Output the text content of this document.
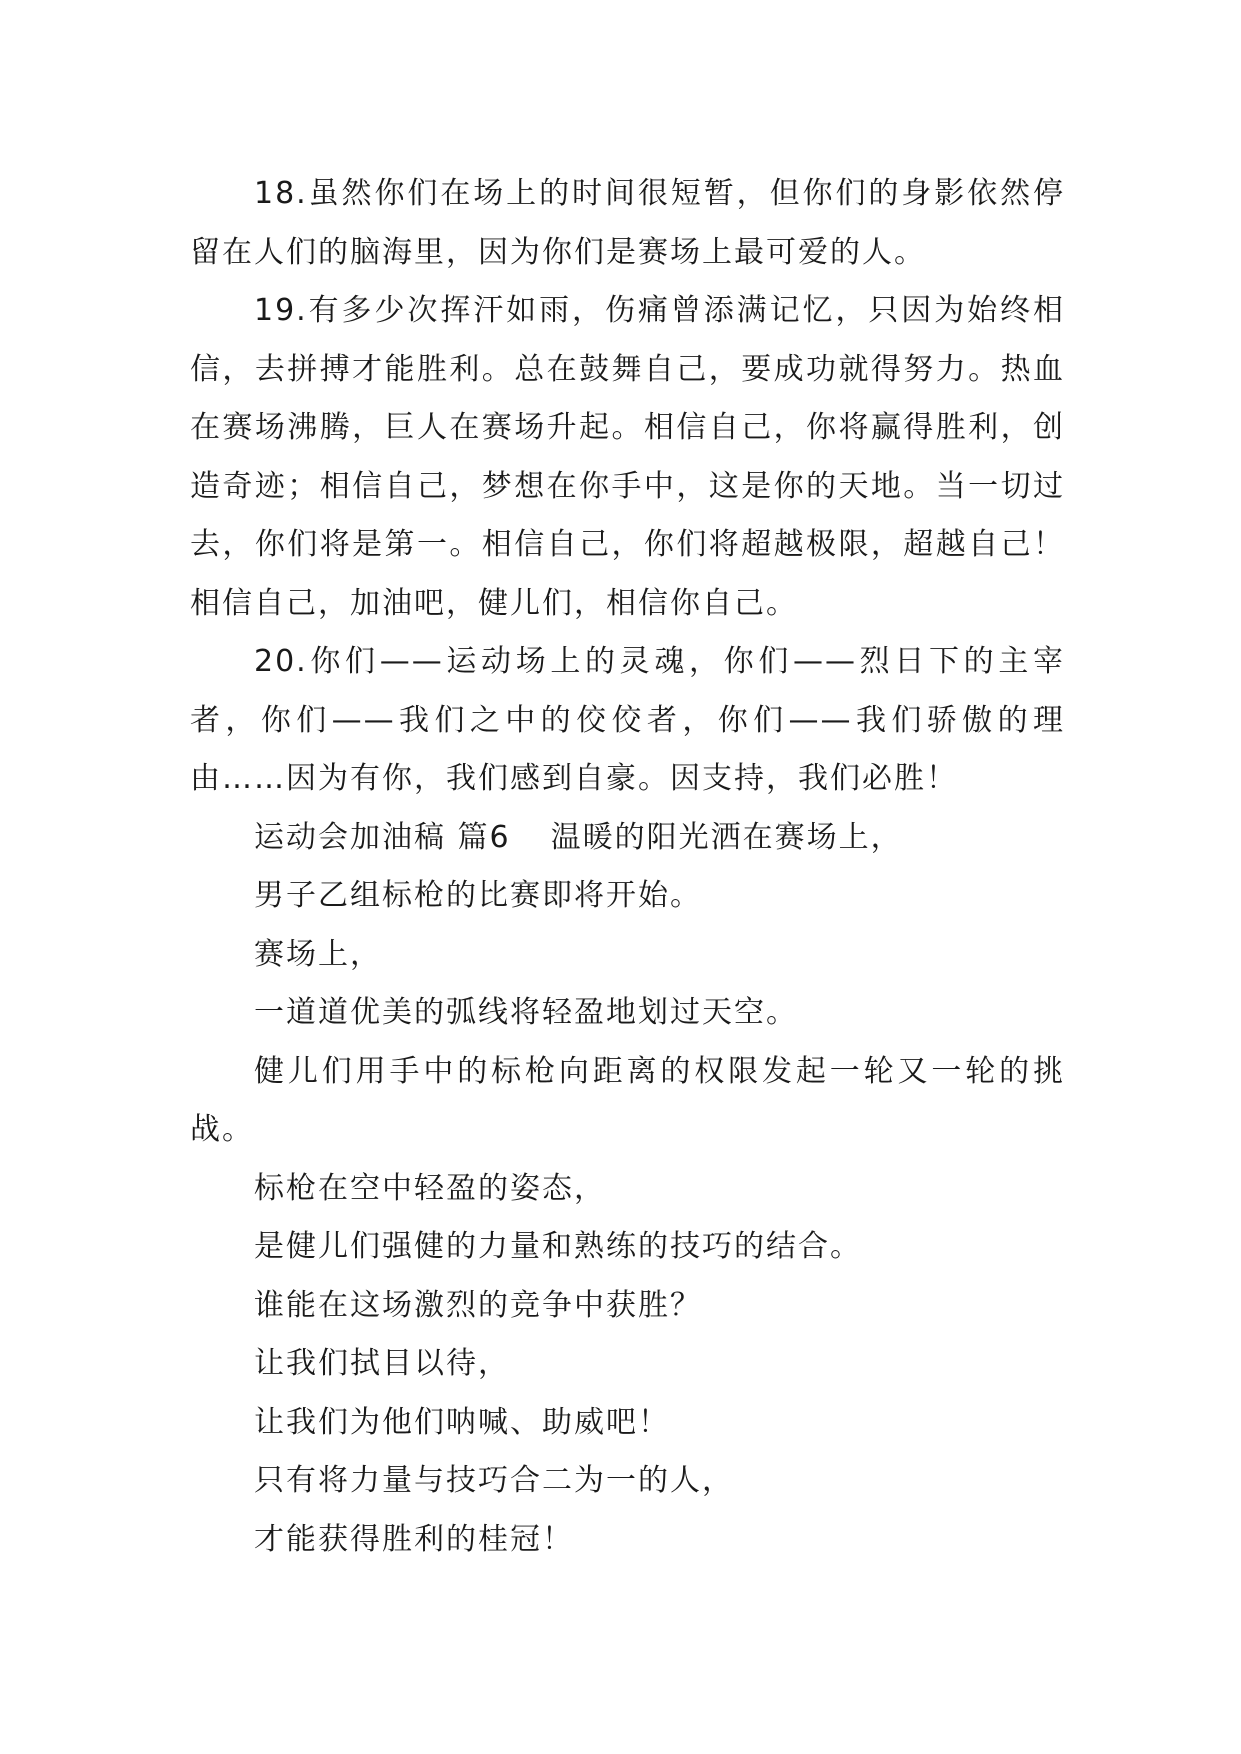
18.虽然你们在场上的时间很短暂，但你们的身影依然停留在人们的脑海里，因为你们是赛场上最可爱的人。

19.有多少次挥汗如雨，伤痛曾添满记忆，只因为始终相信，去拼搏才能胜利。总在鼓舞自己，要成功就得努力。热血在赛场沸腾，巨人在赛场升起。相信自己，你将赢得胜利，创造奇迹；相信自己，梦想在你手中，这是你的天地。当一切过去，你们将是第一。相信自己，你们将超越极限，超越自己！相信自己，加油吧，健儿们，相信你自己。

20.你们——运动场上的灵魂，你们——烈日下的主宰者，你们——我们之中的佼佼者，你们——我们骄傲的理由……因为有你，我们感到自豪。因支持，我们必胜！

运动会加油稿 篇6 温暖的阳光洒在赛场上，

男子乙组标枪的比赛即将开始。

赛场上，

一道道优美的弧线将轻盈地划过天空。

健儿们用手中的标枪向距离的权限发起一轮又一轮的挑战。

标枪在空中轻盈的姿态，

是健儿们强健的力量和熟练的技巧的结合。

谁能在这场激烈的竞争中获胜？

让我们拭目以待，

让我们为他们呐喊、助威吧！

只有将力量与技巧合二为一的人，

才能获得胜利的桂冠！
